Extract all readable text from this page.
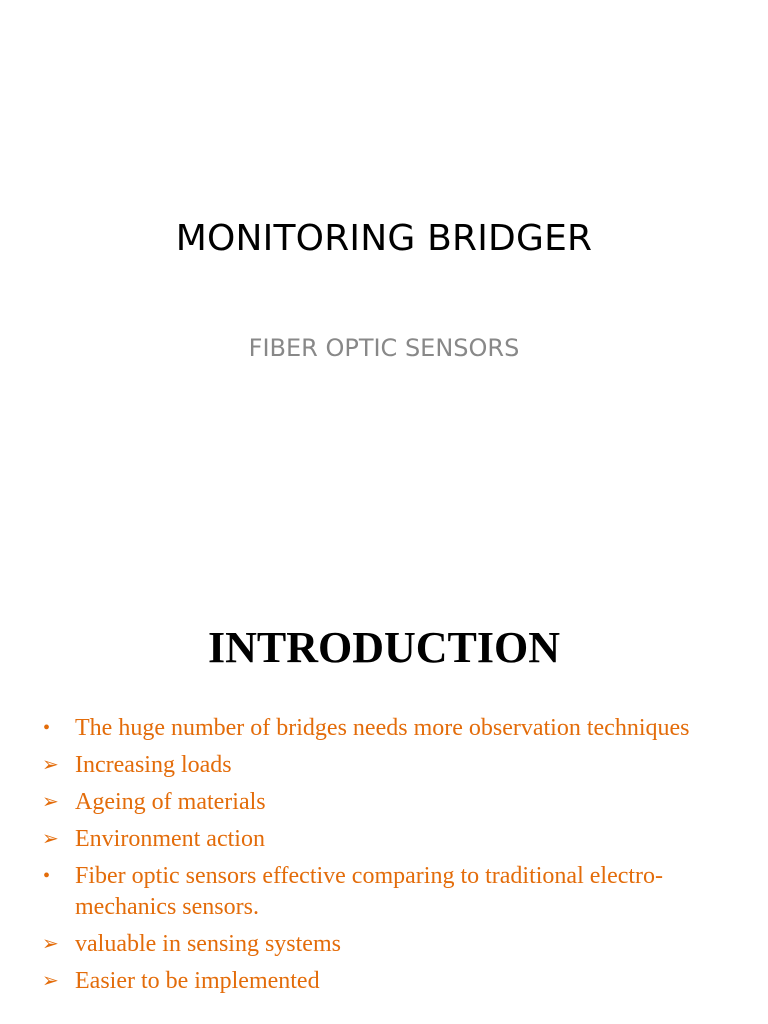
MONITORING BRIDGER
FIBER OPTIC SENSORS
INTRODUCTION
•	The huge number of bridges needs more observation techniques
➢ Increasing loads
➢ Ageing of materials
➢ Environment action
•	Fiber optic sensors effective comparing to traditional electro-mechanics sensors.
➢ valuable in sensing systems
➢ Easier to be implemented
